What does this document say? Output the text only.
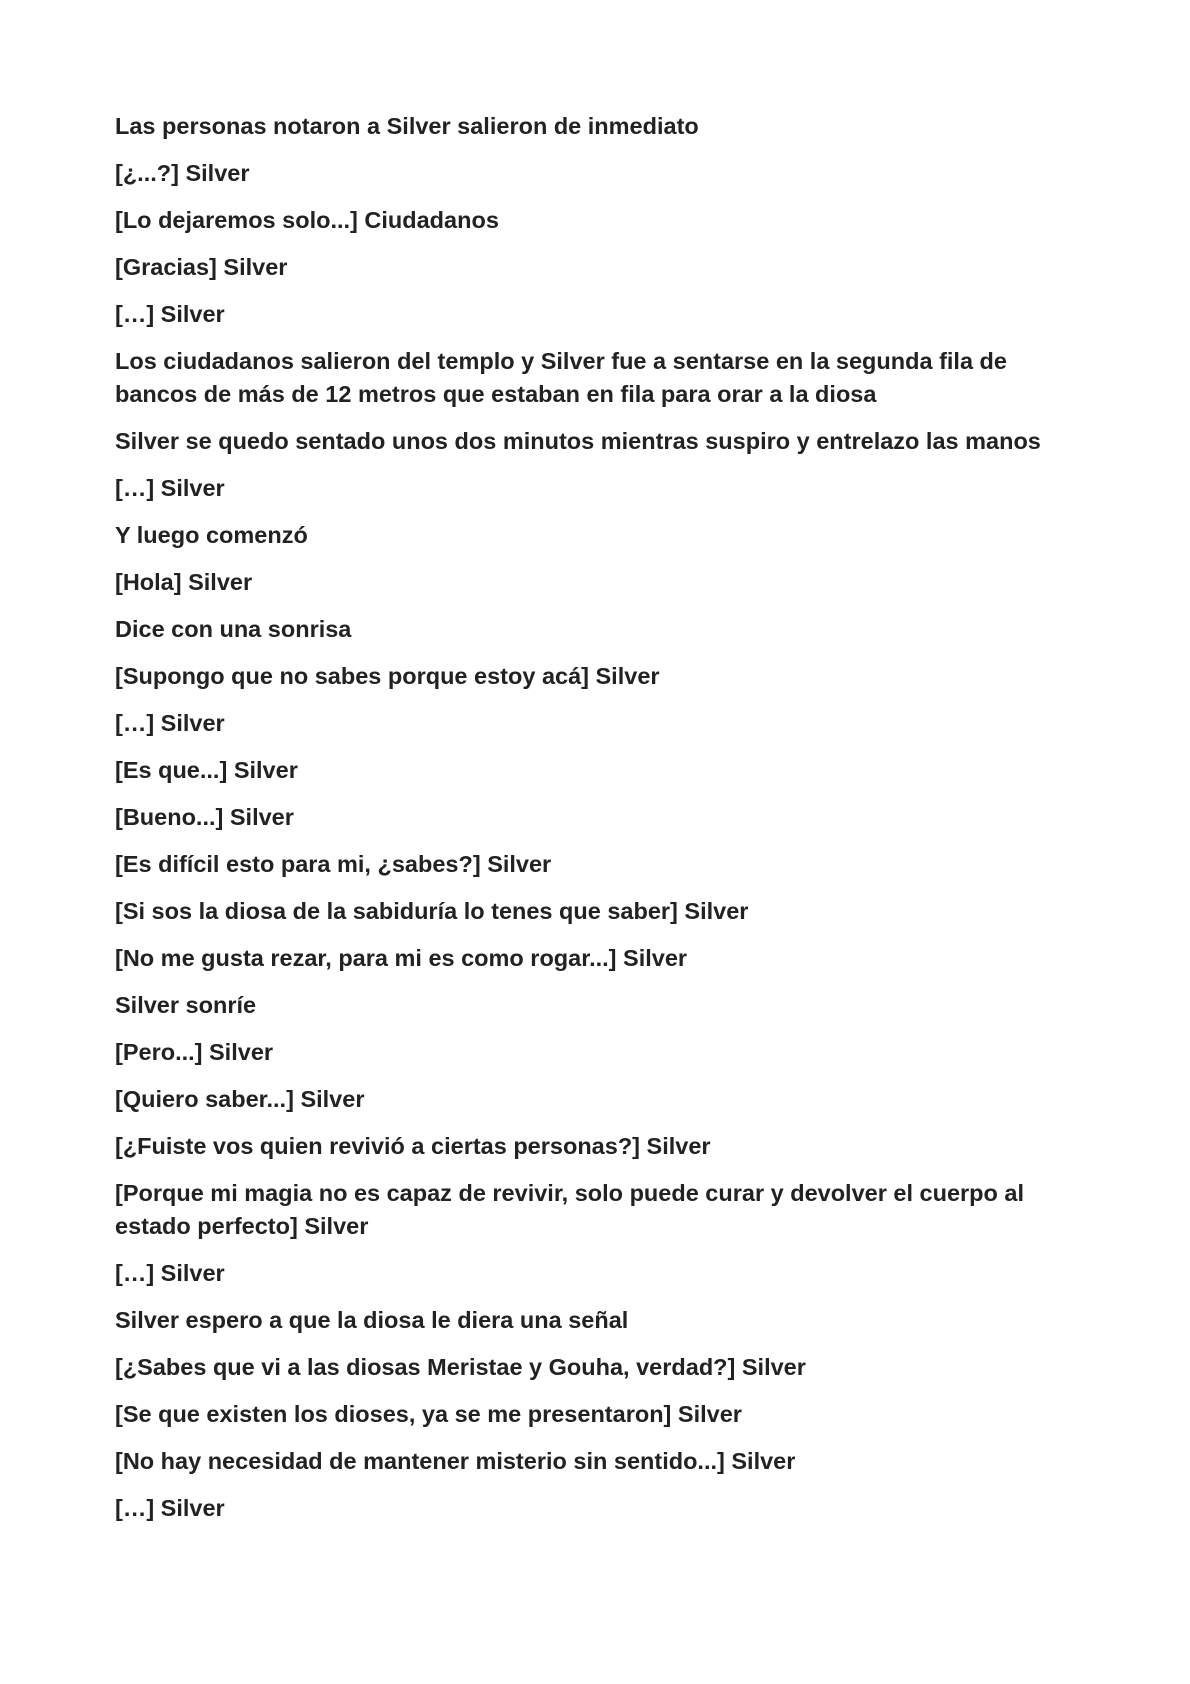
Las personas notaron a Silver salieron de inmediato

[¿...?] Silver

[Lo dejaremos solo...] Ciudadanos

[Gracias] Silver

[…] Silver

Los ciudadanos salieron del templo y Silver fue a sentarse en la segunda fila de bancos de más de 12 metros que estaban en fila para orar a la diosa

Silver se quedo sentado unos dos minutos mientras suspiro y entrelazo las manos

[…] Silver

Y luego comenzó

[Hola] Silver

Dice con una sonrisa

[Supongo que no sabes porque estoy acá] Silver

[…] Silver

[Es que...] Silver

[Bueno...] Silver

[Es difícil esto para mi, ¿sabes?] Silver

[Si sos la diosa de la sabiduría lo tenes que saber] Silver

[No me gusta rezar, para mi es como rogar...] Silver

Silver sonríe

[Pero...] Silver

[Quiero saber...] Silver

[¿Fuiste vos quien revivió a ciertas personas?] Silver

[Porque mi magia no es capaz de revivir, solo puede curar y devolver el cuerpo al estado perfecto] Silver

[…] Silver

Silver espero a que la diosa le diera una señal

[¿Sabes que vi a las diosas Meristae y Gouha, verdad?] Silver

[Se que existen los dioses, ya se me presentaron] Silver

[No hay necesidad de mantener misterio sin sentido...] Silver

[…] Silver
